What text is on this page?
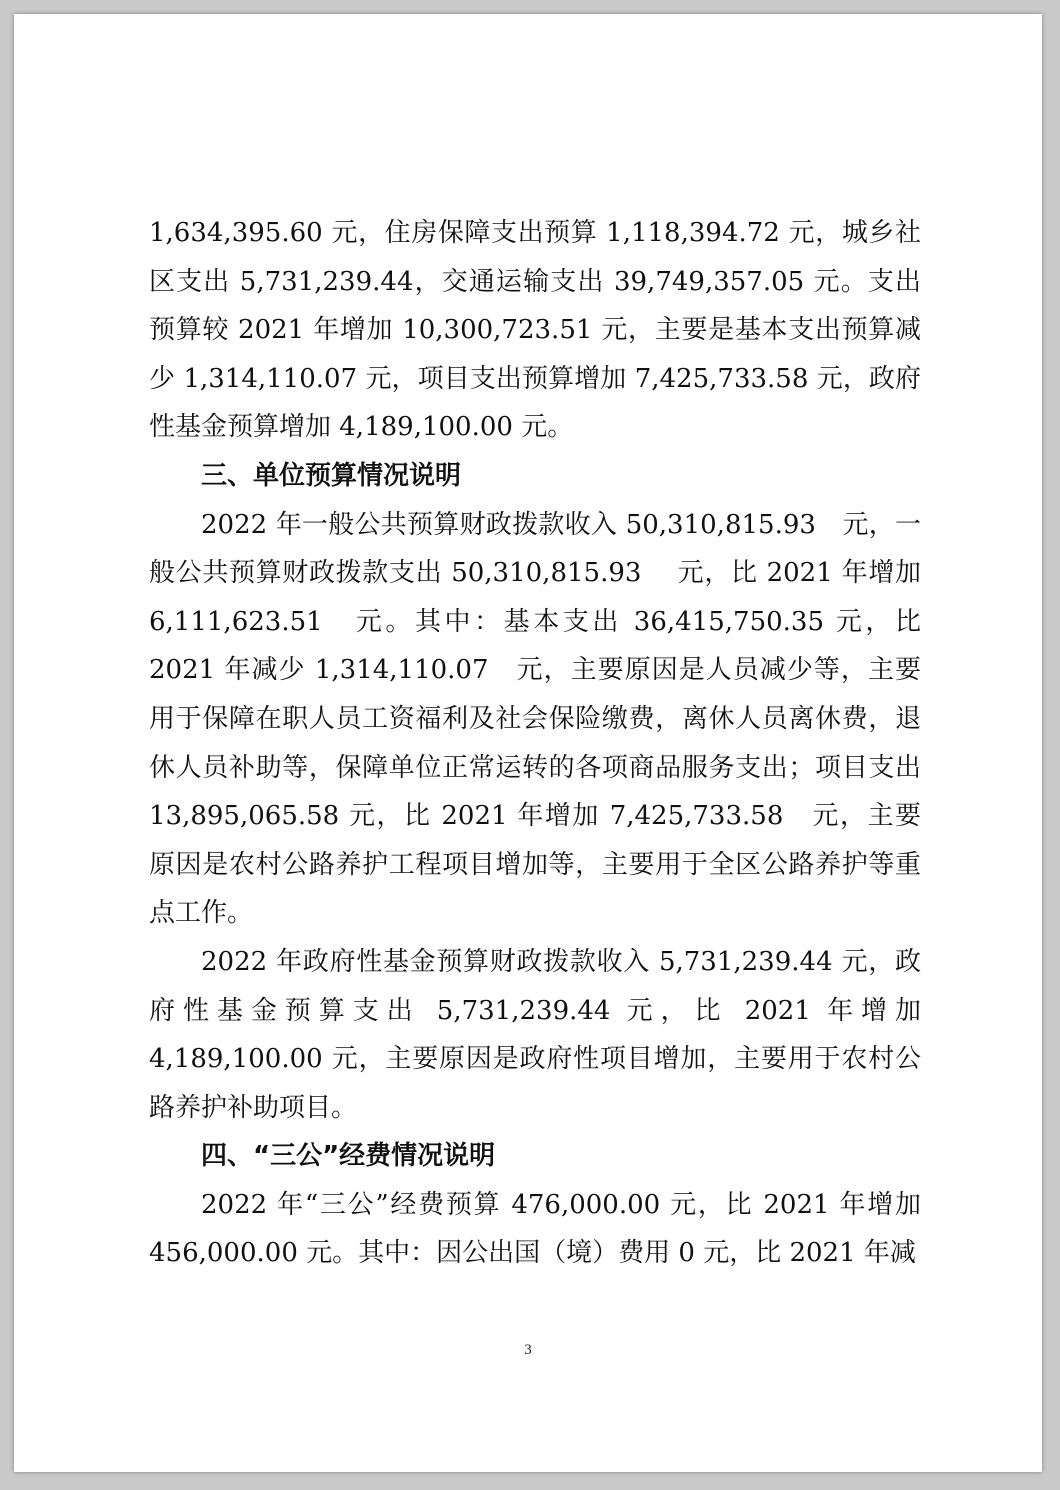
1,634,395.60 元，住房保障支出预算 1,118,394.72 元，城乡社区支出 5,731,239.44，交通运输支出 39,749,357.05 元。支出预算较 2021 年增加 10,300,723.51 元，主要是基本支出预算减少 1,314,110.07 元，项目支出预算增加 7,425,733.58 元，政府性基金预算增加 4,189,100.00 元。

三、单位预算情况说明

2022 年一般公共预算财政拨款收入 50,310,815.93　元，一般公共预算财政拨款支出 50,310,815.93　 元，比 2021 年增加 6,111,623.51　元。其中：基本支出 36,415,750.35 元，比 2021 年减少 1,314,110.07　元，主要原因是人员减少等，主要用于保障在职人员工资福利及社会保险缴费，离休人员离休费，退休人员补助等，保障单位正常运转的各项商品服务支出；项目支出 13,895,065.58 元，比 2021 年增加 7,425,733.58　元，主要原因是农村公路养护工程项目增加等，主要用于全区公路养护等重点工作。

2022 年政府性基金预算财政拨款收入 5,731,239.44 元，政府性基金预算支出 5,731,239.44 元，比 2021 年增加 4,189,100.00 元，主要原因是政府性项目增加，主要用于农村公路养护补助项目。

四、“三公”经费情况说明

2022 年“三公”经费预算 476,000.00 元，比 2021 年增加 456,000.00 元。其中：因公出国（境）费用 0 元，比 2021 年减

3
